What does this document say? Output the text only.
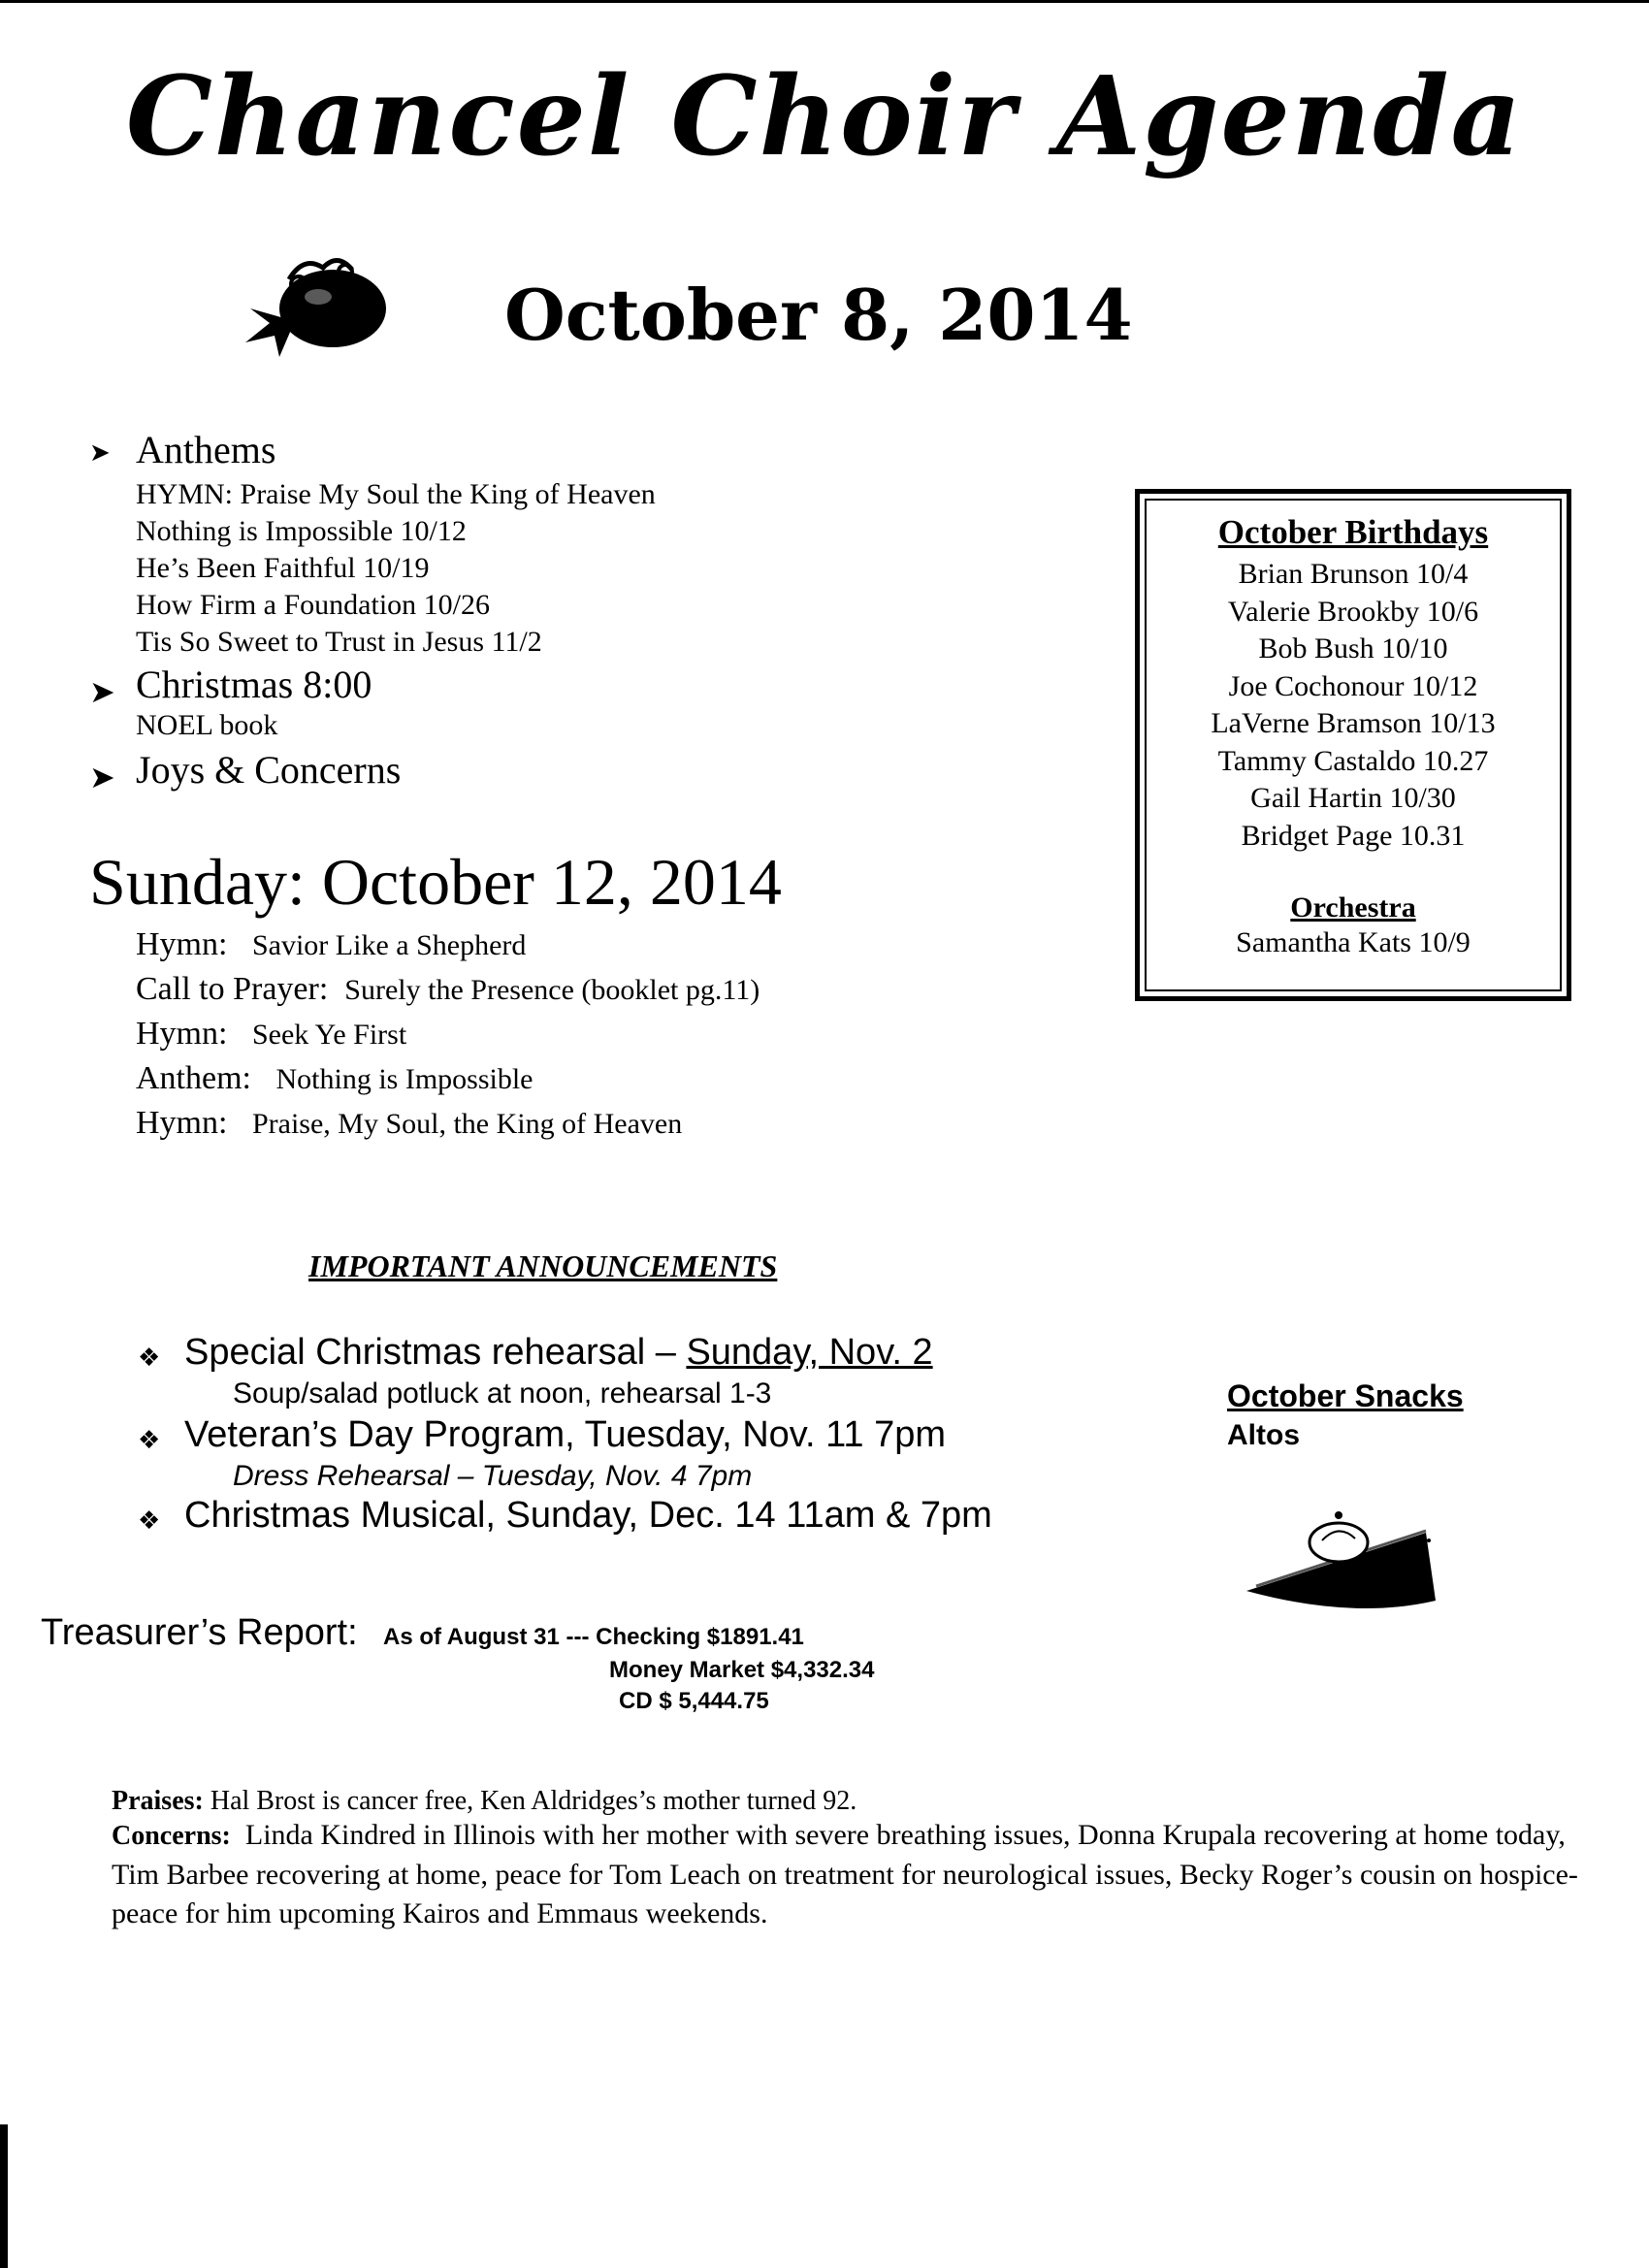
Chancel Choir Agenda
October 8, 2014
➤ Anthems
HYMN: Praise My Soul the King of Heaven
Nothing is Impossible 10/12
He’s Been Faithful 10/19
How Firm a Foundation 10/26
Tis So Sweet to Trust in Jesus 11/2
➤ Christmas 8:00
NOEL book
➤ Joys & Concerns
Sunday: October 12, 2014
Hymn: Savior Like a Shepherd
Call to Prayer: Surely the Presence (booklet pg.11)
Hymn: Seek Ye First
Anthem: Nothing is Impossible
Hymn: Praise, My Soul, the King of Heaven
October Birthdays
Brian Brunson 10/4
Valerie Brookby 10/6
Bob Bush 10/10
Joe Cochonour 10/12
LaVerne Bramson 10/13
Tammy Castaldo 10.27
Gail Hartin 10/30
Bridget Page 10.31
Orchestra
Samantha Kats 10/9
IMPORTANT ANNOUNCEMENTS
❖ Special Christmas rehearsal – Sunday, Nov. 2
Soup/salad potluck at noon, rehearsal 1-3
❖ Veteran’s Day Program, Tuesday, Nov. 11 7pm
Dress Rehearsal – Tuesday, Nov. 4 7pm
❖ Christmas Musical, Sunday, Dec. 14 11am & 7pm
October Snacks
Altos
Treasurer’s Report: As of August 31 --- Checking $1891.41
Money Market $4,332.34
CD $ 5,444.75
Praises: Hal Brost is cancer free, Ken Aldridges’s mother turned 92.
Concerns: Linda Kindred in Illinois with her mother with severe breathing issues, Donna Krupala recovering at home today, Tim Barbee recovering at home, peace for Tom Leach on treatment for neurological issues, Becky Roger’s cousin on hospice- peace for him upcoming Kairos and Emmaus weekends.
